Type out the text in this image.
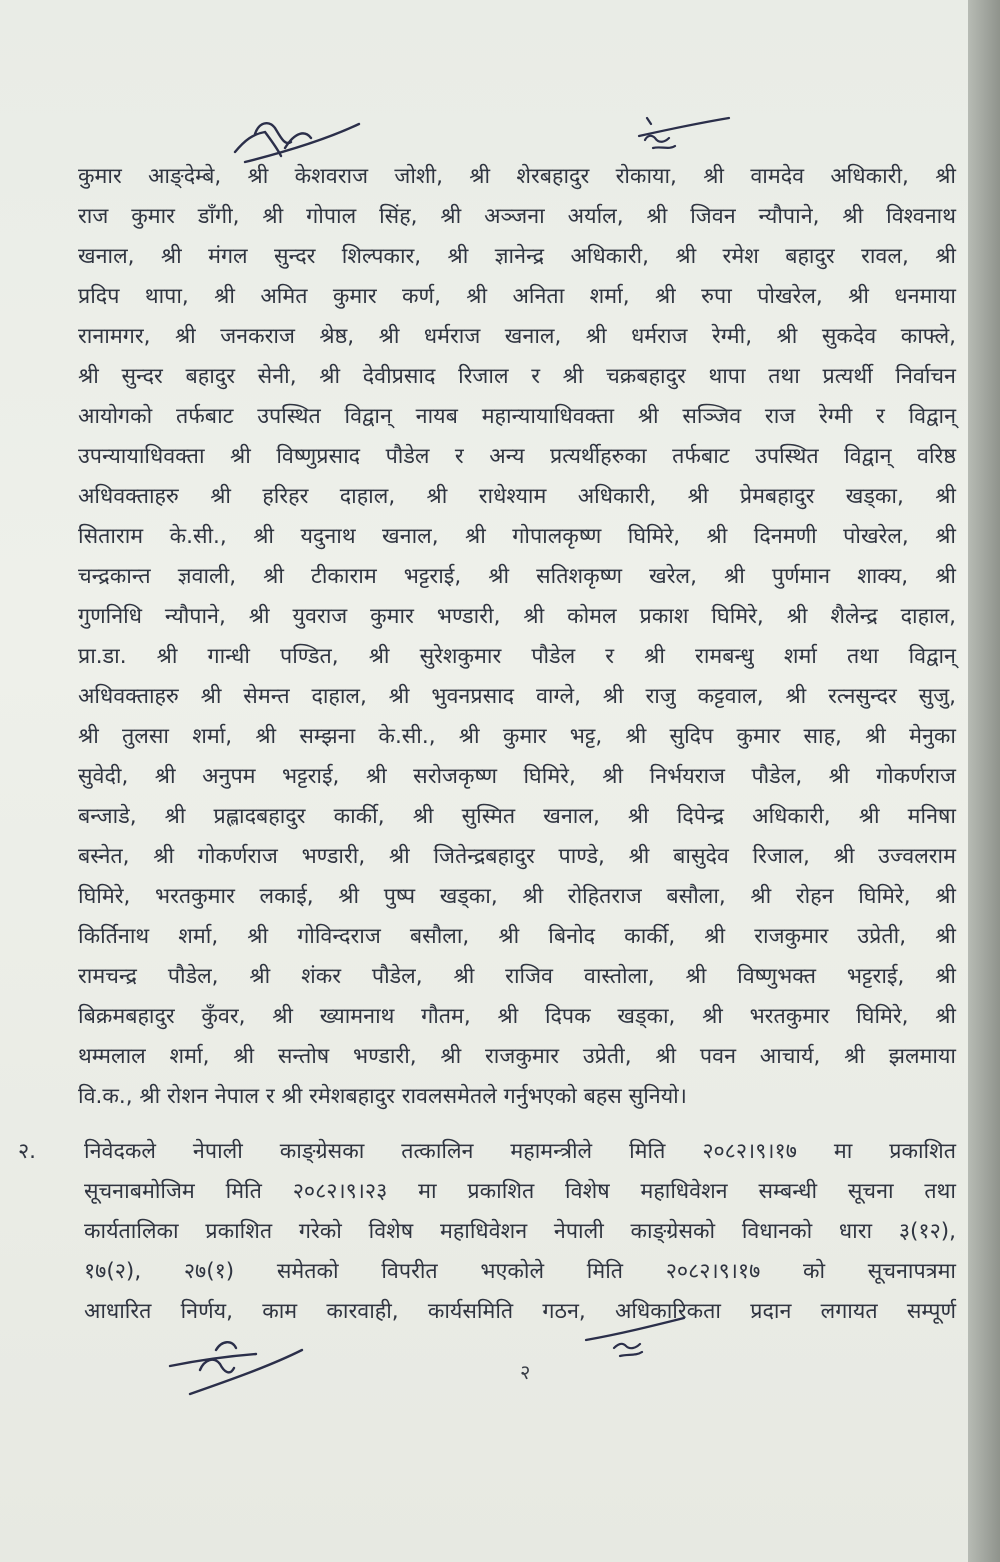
कुमार आङ्देम्बे, श्री केशवराज जोशी, श्री शेरबहादुर रोकाया, श्री वामदेव अधिकारी, श्री
राज कुमार डाँगी, श्री गोपाल सिंह, श्री अञ्जना अर्याल, श्री जिवन न्यौपाने, श्री विश्वनाथ
खनाल, श्री मंगल सुन्दर शिल्पकार, श्री ज्ञानेन्द्र अधिकारी, श्री रमेश बहादुर रावल, श्री
प्रदिप थापा, श्री अमित कुमार कर्ण, श्री अनिता शर्मा, श्री रुपा पोखरेल, श्री धनमाया
रानामगर, श्री जनकराज श्रेष्ठ, श्री धर्मराज खनाल, श्री धर्मराज रेग्मी, श्री सुकदेव काफ्ले,
श्री सुन्दर बहादुर सेनी, श्री देवीप्रसाद रिजाल र श्री चक्रबहादुर थापा तथा प्रत्यर्थी निर्वाचन
आयोगको तर्फबाट उपस्थित विद्वान् नायब महान्यायाधिवक्ता श्री सञ्जिव राज रेग्मी र विद्वान्
उपन्यायाधिवक्ता श्री विष्णुप्रसाद पौडेल र अन्य प्रत्यर्थीहरुका तर्फबाट उपस्थित विद्वान् वरिष्ठ
अधिवक्ताहरु श्री हरिहर दाहाल, श्री राधेश्याम अधिकारी, श्री प्रेमबहादुर खड्का, श्री
सिताराम के.सी., श्री यदुनाथ खनाल, श्री गोपालकृष्ण घिमिरे, श्री दिनमणी पोखरेल, श्री
चन्द्रकान्त ज्ञवाली, श्री टीकाराम भट्टराई, श्री सतिशकृष्ण खरेल, श्री पुर्णमान शाक्य, श्री
गुणनिधि न्यौपाने, श्री युवराज कुमार भण्डारी, श्री कोमल प्रकाश घिमिरे, श्री शैलेन्द्र दाहाल,
प्रा.डा. श्री गान्धी पण्डित, श्री सुरेशकुमार पौडेल र श्री रामबन्धु शर्मा तथा विद्वान्
अधिवक्ताहरु श्री सेमन्त दाहाल, श्री भुवनप्रसाद वाग्ले, श्री राजु कट्टवाल, श्री रत्नसुन्दर सुजु,
श्री तुलसा शर्मा, श्री सम्झना के.सी., श्री कुमार भट्ट, श्री सुदिप कुमार साह, श्री मेनुका
सुवेदी, श्री अनुपम भट्टराई, श्री सरोजकृष्ण घिमिरे, श्री निर्भयराज पौडेल, श्री गोकर्णराज
बन्जाडे, श्री प्रह्लादबहादुर कार्की, श्री सुस्मित खनाल, श्री दिपेन्द्र अधिकारी, श्री मनिषा
बस्नेत, श्री गोकर्णराज भण्डारी, श्री जितेन्द्रबहादुर पाण्डे, श्री बासुदेव रिजाल, श्री उज्वलराम
घिमिरे, भरतकुमार लकाई, श्री पुष्प खड्का, श्री रोहितराज बसौला, श्री रोहन घिमिरे, श्री
किर्तिनाथ शर्मा, श्री गोविन्दराज बसौला, श्री बिनोद कार्की, श्री राजकुमार उप्रेती, श्री
रामचन्द्र पौडेल, श्री शंकर पौडेल, श्री राजिव वास्तोला, श्री विष्णुभक्त भट्टराई, श्री
बिक्रमबहादुर कुँवर, श्री ख्यामनाथ गौतम, श्री दिपक खड्का, श्री भरतकुमार घिमिरे, श्री
थम्मलाल शर्मा, श्री सन्तोष भण्डारी, श्री राजकुमार उप्रेती, श्री पवन आचार्य, श्री झलमाया
वि.क., श्री रोशन नेपाल र श्री रमेशबहादुर रावलसमेतले गर्नुभएको बहस सुनियो।
२. निवेदकले नेपाली काङ्ग्रेसका तत्कालिन महामन्त्रीले मिति २०८२।९।१७ मा प्रकाशित
सूचनाबमोजिम मिति २०८२।९।२३ मा प्रकाशित विशेष महाधिवेशन सम्बन्धी सूचना तथा
कार्यतालिका प्रकाशित गरेको विशेष महाधिवेशन नेपाली काङ्ग्रेसको विधानको धारा ३(१२),
१७(२), २७(१) समेतको विपरीत भएकोले मिति २०८२।९।१७ को सूचनापत्रमा
आधारित निर्णय, काम कारवाही, कार्यसमिति गठन, अधिकारिकता प्रदान लगायत सम्पूर्ण
२
